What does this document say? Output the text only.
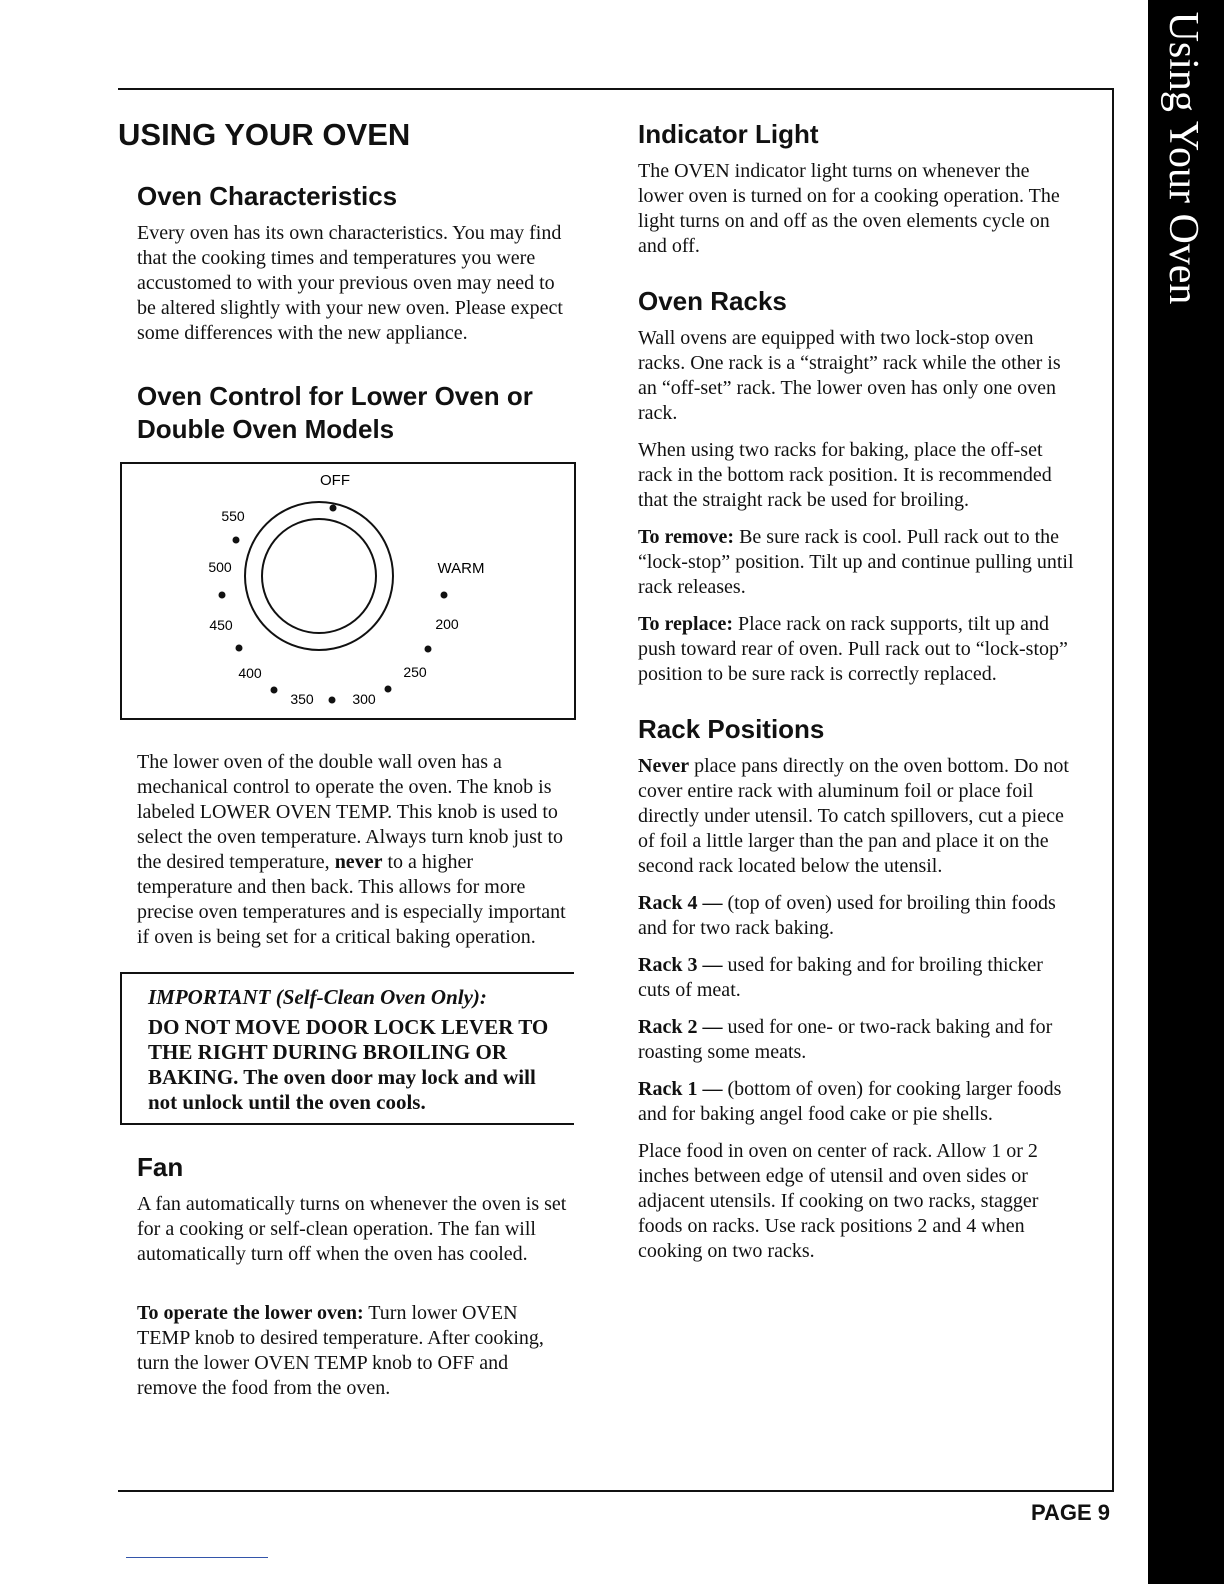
Using Your Oven
USING YOUR OVEN
Oven Characteristics

Every oven has its own characteristics. You may find that the cooking times and temperatures you were accustomed to with your previous oven may need to be altered slightly with your new oven. Please expect some differences with the new appliance.

Oven Control for Lower Oven or Double Oven Models
OFF
550
500
450
400
350	300
250
200
WARM

The lower oven of the double wall oven has a mechanical control to operate the oven. The knob is labeled LOWER OVEN TEMP. This knob is used to select the oven temperature. Always turn knob just to the desired temperature, never to a higher temperature and then back. This allows for more precise oven temperatures and is especially important if oven is being set for a critical baking operation.

IMPORTANT (Self-Clean Oven Only):
DO NOT MOVE DOOR LOCK LEVER TO THE RIGHT DURING BROILING OR BAKING. The oven door may lock and will not unlock until the oven cools.
Fan

A fan automatically turns on whenever the oven is set for a cooking or self-clean operation. The fan will automatically turn off when the oven has cooled.

To operate the lower oven: Turn lower OVEN TEMP knob to desired temperature. After cooking, turn the lower OVEN TEMP knob to OFF and remove the food from the oven.

Indicator Light

The OVEN indicator light turns on whenever the lower oven is turned on for a cooking operation. The light turns on and off as the oven elements cycle on and off.

Oven Racks

Wall ovens are equipped with two lock-stop oven racks. One rack is a “straight” rack while the other is an “off-set” rack. The lower oven has only one oven rack.

When using two racks for baking, place the off-set rack in the bottom rack position. It is recommended that the straight rack be used for broiling.

To remove: Be sure rack is cool. Pull rack out to the “lock-stop” position. Tilt up and continue pulling until rack releases.

To replace: Place rack on rack supports, tilt up and push toward rear of oven. Pull rack out to “lock-stop” position to be sure rack is correctly replaced.

Rack Positions

Never place pans directly on the oven bottom. Do not cover entire rack with aluminum foil or place foil directly under utensil. To catch spillovers, cut a piece of foil a little larger than the pan and place it on the second rack located below the utensil.

Rack 4 — (top of oven) used for broiling thin foods and for two rack baking.

Rack 3 — used for baking and for broiling thicker cuts of meat.

Rack 2 — used for one- or two-rack baking and for roasting some meats.

Rack 1 — (bottom of oven) for cooking larger foods and for baking angel food cake or pie shells.

Place food in oven on center of rack. Allow 1 or 2 inches between edge of utensil and oven sides or adjacent utensils. If cooking on two racks, stagger foods on racks. Use rack positions 2 and 4 when cooking on two racks.

PAGE 9
